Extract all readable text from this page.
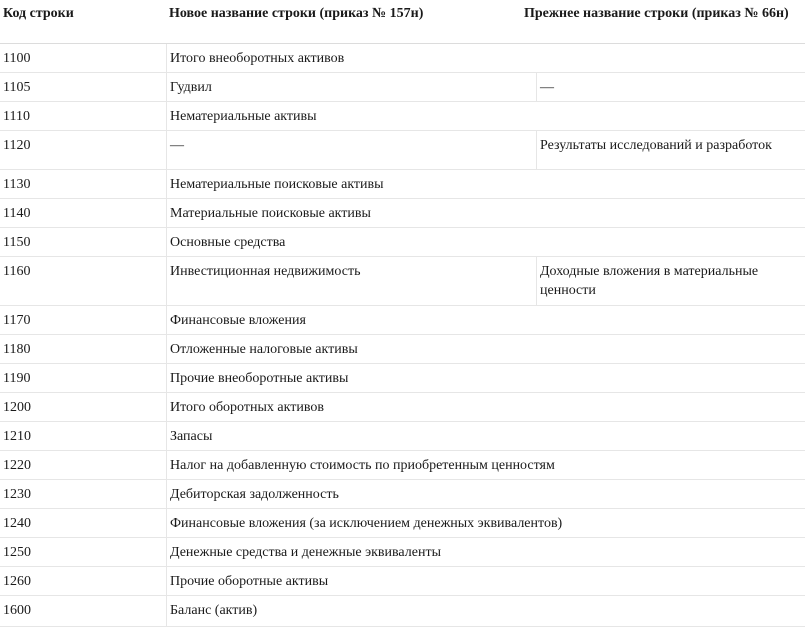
Код строки	Новое название строки (приказ № 157н)	Прежнее название строки (приказ № 66н)
1100	Итого внеоборотных активов
1105	Гудвил	—
1110	Нематериальные активы
1120	—	Результаты исследований и разработок
1130	Нематериальные поисковые активы
1140	Материальные поисковые активы
1150	Основные средства
1160	Инвестиционная недвижимость	Доходные вложения в материальные ценности
1170	Финансовые вложения
1180	Отложенные налоговые активы
1190	Прочие внеоборотные активы
1200	Итого оборотных активов
1210	Запасы
1220	Налог на добавленную стоимость по приобретенным ценностям
1230	Дебиторская задолженность
1240	Финансовые вложения (за исключением денежных эквивалентов)
1250	Денежные средства и денежные эквиваленты
1260	Прочие оборотные активы
1600	Баланс (актив)
